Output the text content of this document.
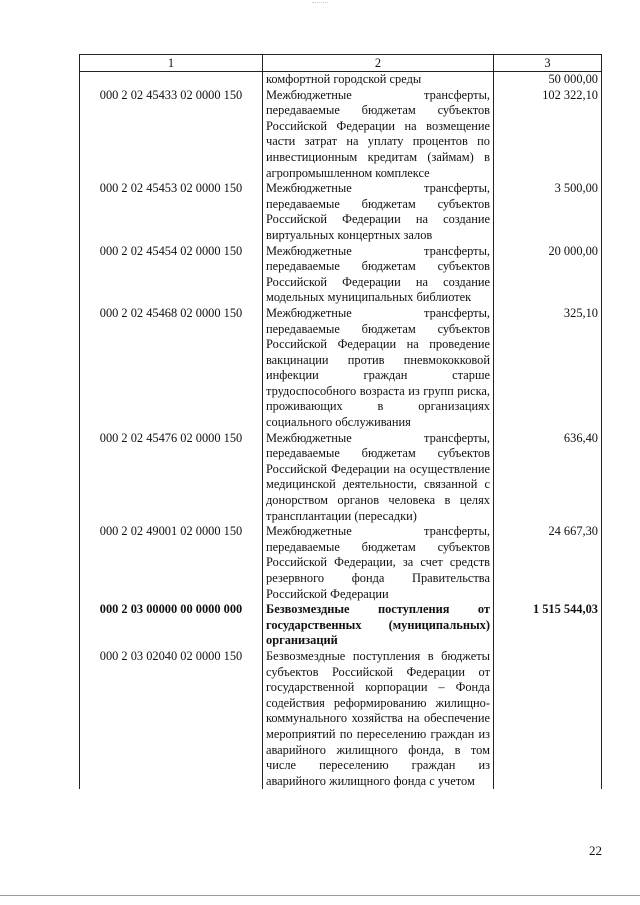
1	2	3
	комфортной городской среды	50 000,00
000 2 02 45433 02 0000 150	Межбюджетные трансферты, передаваемые бюджетам субъектов Российской Федерации на возмещение части затрат на уплату процентов по инвестиционным кредитам (займам) в агропромышленном комплексе	102 322,10
000 2 02 45453 02 0000 150	Межбюджетные трансферты, передаваемые бюджетам субъектов Российской Федерации на создание виртуальных концертных залов	3 500,00
000 2 02 45454 02 0000 150	Межбюджетные трансферты, передаваемые бюджетам субъектов Российской Федерации на создание модельных муниципальных библиотек	20 000,00
000 2 02 45468 02 0000 150	Межбюджетные трансферты, передаваемые бюджетам субъектов Российской Федерации на проведение вакцинации против пневмококковой инфекции граждан старше трудоспособного возраста из групп риска, проживающих в организациях социального обслуживания	325,10
000 2 02 45476 02 0000 150	Межбюджетные трансферты, передаваемые бюджетам субъектов Российской Федерации на осуществление медицинской деятельности, связанной с донорством органов человека в целях трансплантации (пересадки)	636,40
000 2 02 49001 02 0000 150	Межбюджетные трансферты, передаваемые бюджетам субъектов Российской Федерации, за счет средств резервного фонда Правительства Российской Федерации	24 667,30
000 2 03 00000 00 0000 000	Безвозмездные поступления от государственных (муниципальных) организаций	1 515 544,03
000 2 03 02040 02 0000 150	Безвозмездные поступления в бюджеты субъектов Российской Федерации от государственной корпорации – Фонда содействия реформированию жилищно-коммунального хозяйства на обеспечение мероприятий по переселению граждан из аварийного жилищного фонда, в том числе переселению граждан из аварийного жилищного фонда с учетом	
22
